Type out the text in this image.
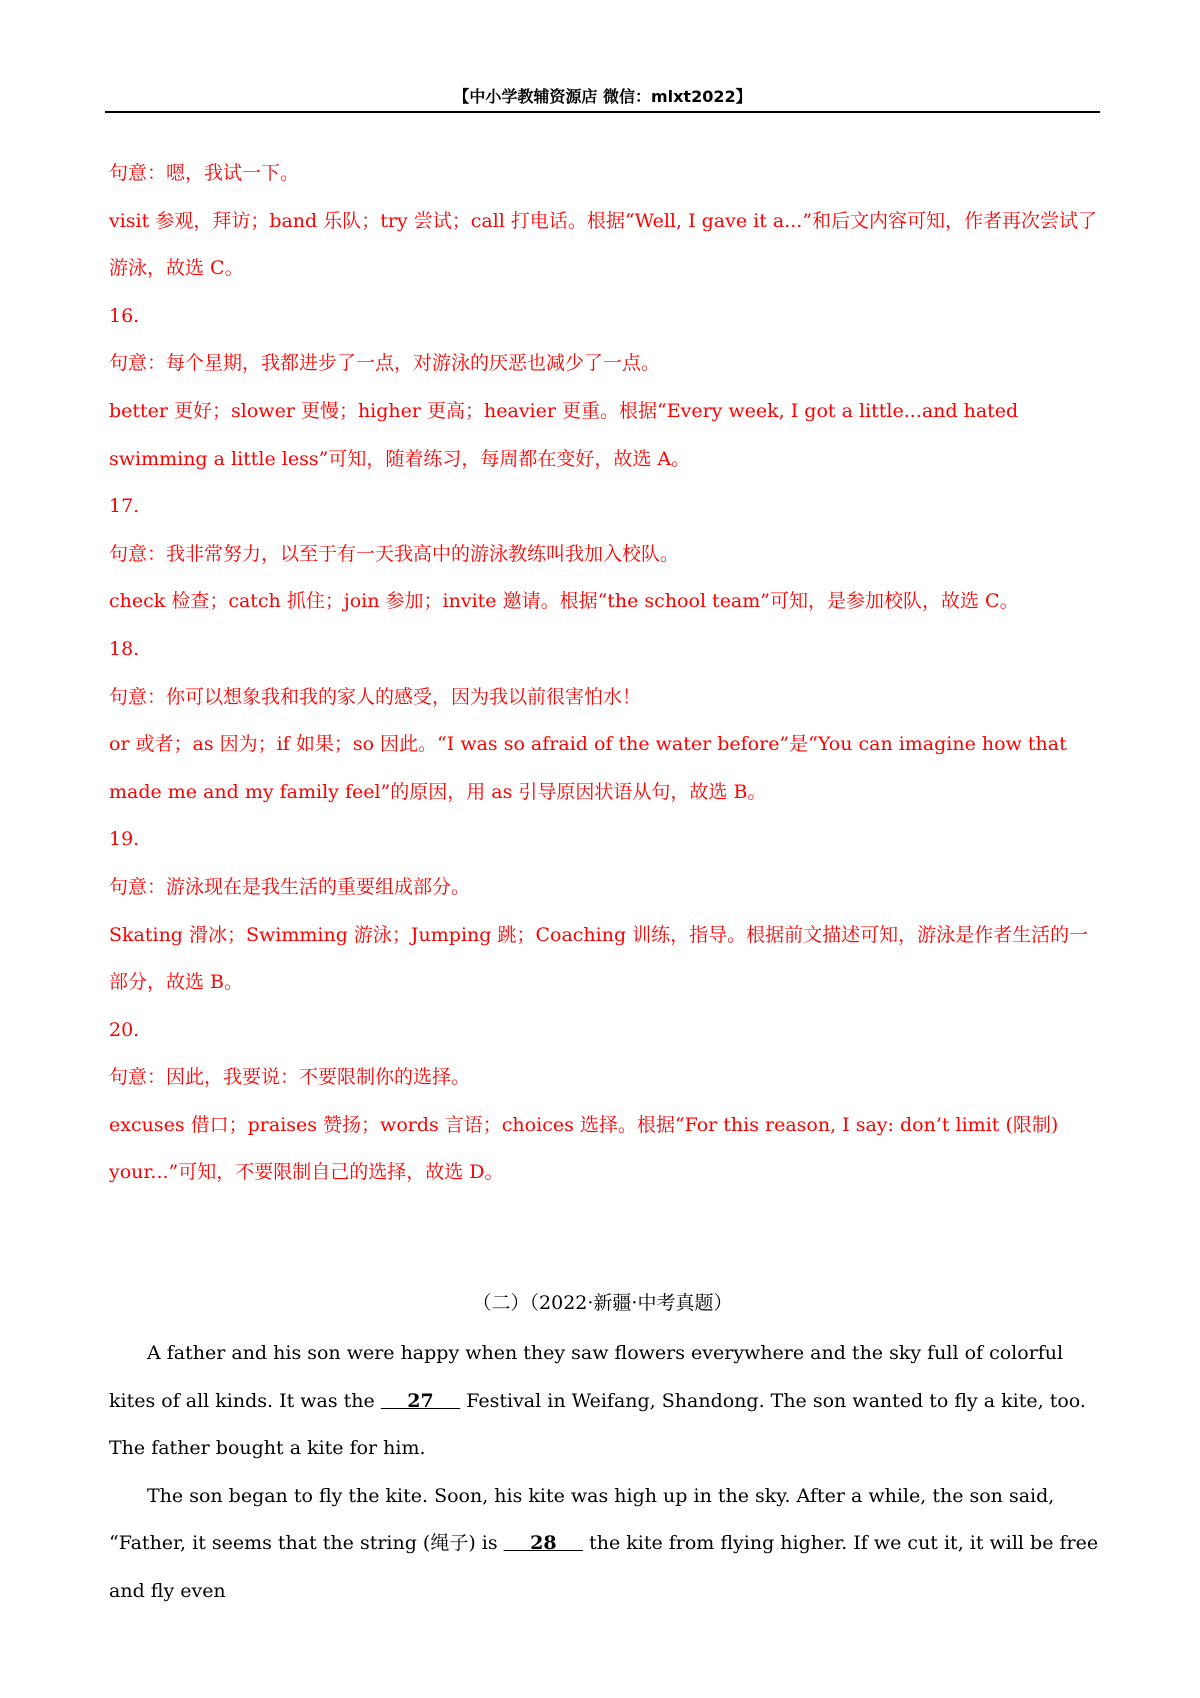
【中小学教辅资源店 微信：mlxt2022】

句意：嗯，我试一下。

visit 参观，拜访；band 乐队；try 尝试；call 打电话。根据“Well, I gave it a...”和后文内容可知，作者再次尝试了游泳，故选 C。

16.

句意：每个星期，我都进步了一点，对游泳的厌恶也减少了一点。

better 更好；slower 更慢；higher 更高；heavier 更重。根据“Every week, I got a little...and hated swimming a little less”可知，随着练习，每周都在变好，故选 A。

17.

句意：我非常努力，以至于有一天我高中的游泳教练叫我加入校队。

check 检查；catch 抓住；join 参加；invite 邀请。根据“the school team”可知，是参加校队，故选 C。

18.

句意：你可以想象我和我的家人的感受，因为我以前很害怕水！

or 或者；as 因为；if 如果；so 因此。“I was so afraid of the water before”是“You can imagine how that made me and my family feel”的原因，用 as 引导原因状语从句，故选 B。

19.

句意：游泳现在是我生活的重要组成部分。

Skating 滑冰；Swimming 游泳；Jumping 跳；Coaching 训练，指导。根据前文描述可知，游泳是作者生活的一部分，故选 B。

20.

句意：因此，我要说：不要限制你的选择。

excuses 借口；praises 赞扬；words 言语；choices 选择。根据“For this reason, I say: don’t limit (限制) your...”可知，不要限制自己的选择，故选 D。

（二）（2022·新疆·中考真题）

A father and his son were happy when they saw flowers everywhere and the sky full of colorful kites of all kinds. It was the     27     Festival in Weifang, Shandong. The son wanted to fly a kite, too. The father bought a kite for him.

The son began to fly the kite. Soon, his kite was high up in the sky. After a while, the son said, “Father, it seems that the string (绳子) is     28     the kite from flying higher. If we cut it, it will be free and fly even
